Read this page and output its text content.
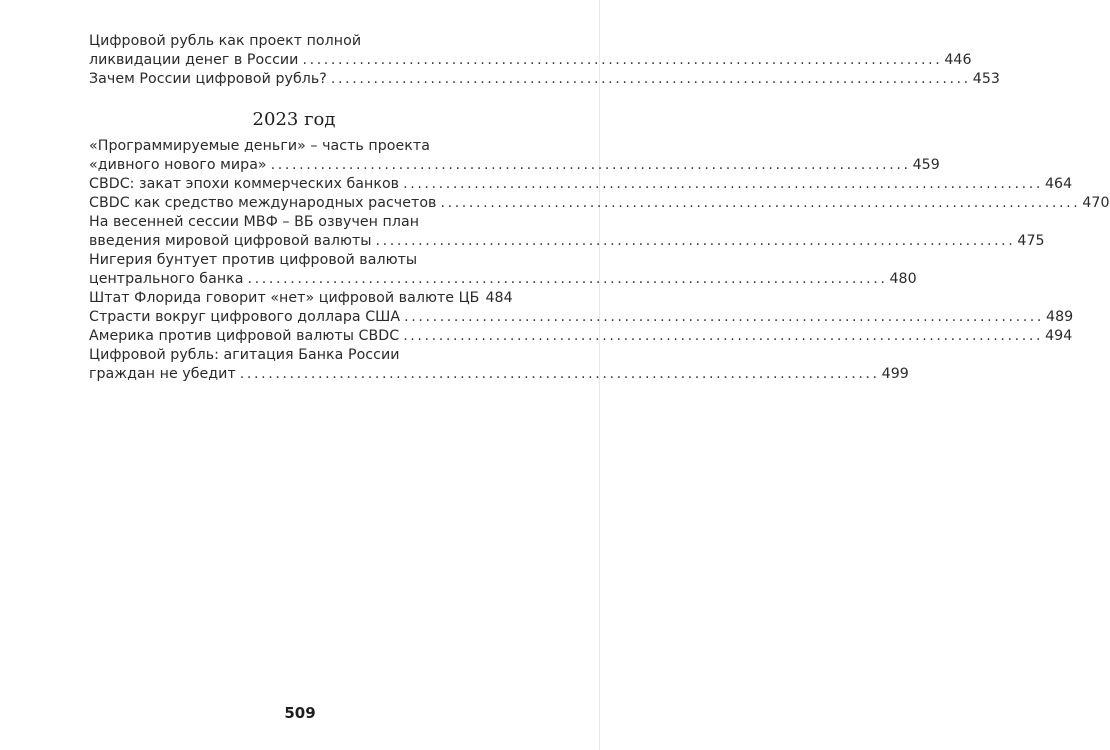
Цифровой рубль как проект полной
ликвидации денег в России .......................................................................................... 446
Зачем России цифровой рубль? .......................................................................................... 453
2023 год
«Программируемые деньги» – часть проекта
«дивного нового мира» .......................................................................................... 459
CBDC: закат эпохи коммерческих банков .......................................................................................... 464
CBDC как средство международных расчетов .......................................................................................... 470
На весенней сессии МВФ – ВБ озвучен план
введения мировой цифровой валюты .......................................................................................... 475
Нигерия бунтует против цифровой валюты
центрального банка .......................................................................................... 480
Штат Флорида говорит «нет» цифровой валюте ЦБ 484
Страсти вокруг цифрового доллара США .......................................................................................... 489
Америка против цифровой валюты CBDC .......................................................................................... 494
Цифровой рубль: агитация Банка России
граждан не убедит .......................................................................................... 499
509
